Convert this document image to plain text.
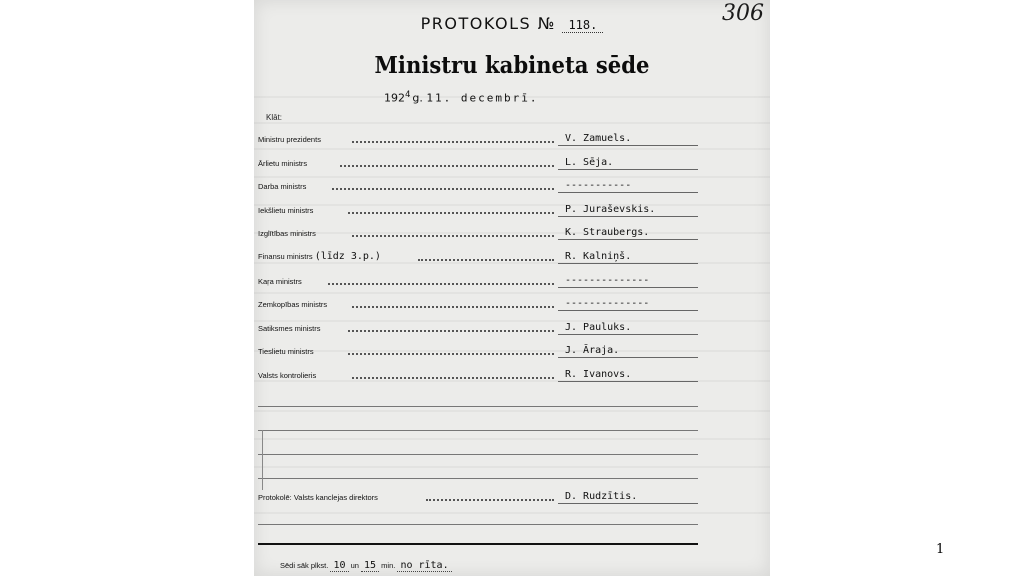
306
PROTOKOLS № 118.
Ministru kabineta sēde
$192^4g$. 11. decembrī.
Klāt:
Ministru prezidents	V. Zamuels.
Ārlietu ministrs	L. Sēja.
Darba ministrs	-----------
Iekšlietu ministrs	P. Juraševskis.
Izglītības ministrs	K. Straubergs.
Finansu ministrs (līdz 3.p.)	R. Kalniņš.
Kaŗa ministrs	--------------
Zemkopības ministrs	--------------
Satiksmes ministrs	J. Pauluks.
Tieslietu ministrs	J. Āraja.
Valsts kontrolieris	R. Ivanovs.
Protokolē: Valsts kanclejas direktors	D. Rudzītis.
Sēdi sāk plkst. 10 un 15 min. no rīta.
1
